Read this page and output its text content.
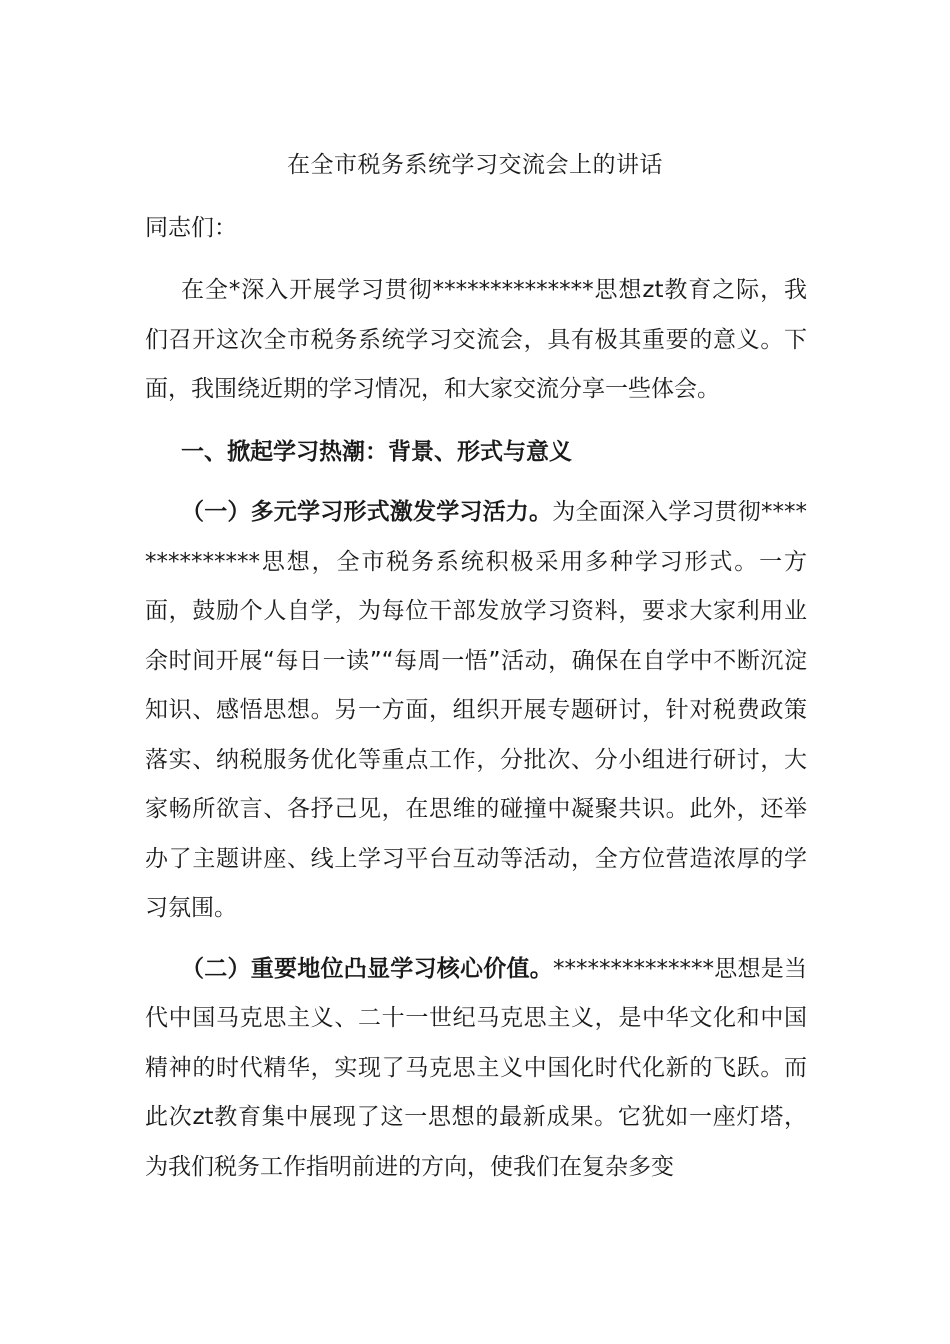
在全市税务系统学习交流会上的讲话
同志们：

在全*深入开展学习贯彻**************思想zt教育之际，我们召开这次全市税务系统学习交流会，具有极其重要的意义。下面，我围绕近期的学习情况，和大家交流分享一些体会。

一、掀起学习热潮：背景、形式与意义

（一）多元学习形式激发学习活力。为全面深入学习贯彻**************思想，全市税务系统积极采用多种学习形式。一方面，鼓励个人自学，为每位干部发放学习资料，要求大家利用业余时间开展“每日一读”“每周一悟”活动，确保在自学中不断沉淀知识、感悟思想。另一方面，组织开展专题研讨，针对税费政策落实、纳税服务优化等重点工作，分批次、分小组进行研讨，大家畅所欲言、各抒己见，在思维的碰撞中凝聚共识。此外，还举办了主题讲座、线上学习平台互动等活动，全方位营造浓厚的学习氛围。

（二）重要地位凸显学习核心价值。**************思想是当代中国马克思主义、二十一世纪马克思主义，是中华文化和中国精神的时代精华，实现了马克思主义中国化时代化新的飞跃。而此次zt教育集中展现了这一思想的最新成果。它犹如一座灯塔，为我们税务工作指明前进的方向，使我们在复杂多变
